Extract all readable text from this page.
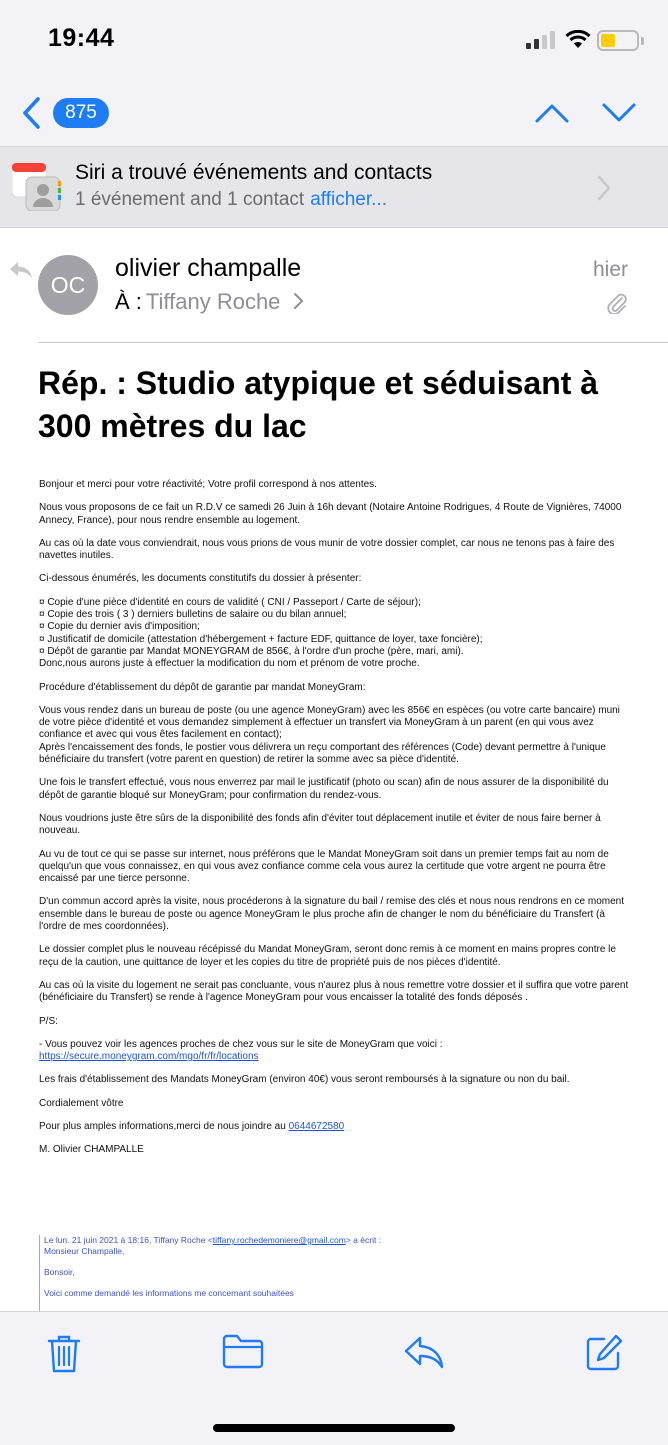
19:44
875
Siri a trouvé événements and contacts
1 événement and 1 contact afficher...
OC
olivier champalle
À : Tiffany Roche
hier
Rép. : Studio atypique et séduisant à 300 mètres du lac

Bonjour et merci pour votre réactivité; Votre profil correspond à nos attentes.

Nous vous proposons de ce fait un R.D.V ce samedi 26 Juin à 16h devant (Notaire Antoine Rodrigues, 4 Route de Vignières, 74000 Annecy, France), pour nous rendre ensemble au logement.

Au cas où la date vous conviendrait, nous vous prions de vous munir de votre dossier complet, car nous ne tenons pas à faire des navettes inutiles.

Ci-dessous énumérés, les documents constitutifs du dossier à présenter:

¤ Copie d'une pièce d'identité en cours de validité ( CNI / Passeport / Carte de séjour);
¤ Copie des trois ( 3 ) derniers bulletins de salaire ou du bilan annuel;
¤ Copie du dernier avis d'imposition;
¤ Justificatif de domicile (attestation d'hébergement + facture EDF, quittance de loyer, taxe foncière);
¤ Dépôt de garantie par Mandat MONEYGRAM de 856€, à l'ordre d'un proche (père, mari, ami).
Donc,nous aurons juste à effectuer la modification du nom et prénom de votre proche.

Procédure d'établissement du dépôt de garantie par mandat MoneyGram:

Vous vous rendez dans un bureau de poste (ou une agence MoneyGram) avec les 856€ en espèces (ou votre carte bancaire) muni de votre pièce d'identité et vous demandez simplement à effectuer un transfert via MoneyGram à un parent (en qui vous avez confiance et avec qui vous êtes facilement en contact);
Après l'encaissement des fonds, le postier vous délivrera un reçu comportant des références (Code) devant permettre à l'unique bénéficiaire du transfert (votre parent en question) de retirer la somme avec sa pièce d'identité.

Une fois le transfert effectué, vous nous enverrez par mail le justificatif (photo ou scan) afin de nous assurer de la disponibilité du dépôt de garantie bloqué sur MoneyGram; pour confirmation du rendez-vous.

Nous voudrions juste être sûrs de la disponibilité des fonds afin d'éviter tout déplacement inutile et éviter de nous faire berner à nouveau.

Au vu de tout ce qui se passe sur internet, nous préférons que le Mandat MoneyGram soit dans un premier temps fait au nom de quelqu'un que vous connaissez, en qui vous avez confiance comme cela vous aurez la certitude que votre argent ne pourra être encaissé par une tierce personne.

D'un commun accord après la visite, nous procéderons à la signature du bail / remise des clés et nous nous rendrons en ce moment ensemble dans le bureau de poste ou agence MoneyGram le plus proche afin de changer le nom du bénéficiaire du Transfert (à l'ordre de mes coordonnées).

Le dossier complet plus le nouveau récépissé du Mandat MoneyGram, seront donc remis à ce moment en mains propres contre le reçu de la caution, une quittance de loyer et les copies du titre de propriété puis de nos pièces d'identité.

Au cas où la visite du logement ne serait pas concluante, vous n'aurez plus à nous remettre votre dossier et il suffira que votre parent (bénéficiaire du Transfert) se rende à l'agence MoneyGram pour vous encaisser la totalité des fonds déposés .

P/S:

- Vous pouvez voir les agences proches de chez vous sur le site de MoneyGram que voici : https://secure.moneygram.com/mgo/fr/fr/locations

Les frais d'établissement des Mandats MoneyGram (environ 40€) vous seront remboursés à la signature ou non du bail.

Cordialement vôtre

Pour plus amples informations,merci de nous joindre au 0644672580

M. Olivier CHAMPALLE

Le lun. 21 juin 2021 à 18:16, Tiffany Roche <tiffany.rochedemoniere@gmail.com> a écrit :

Monsieur Champalle,

Bonsoir,

Voici comme demandé les informations me concernant souhaitées
